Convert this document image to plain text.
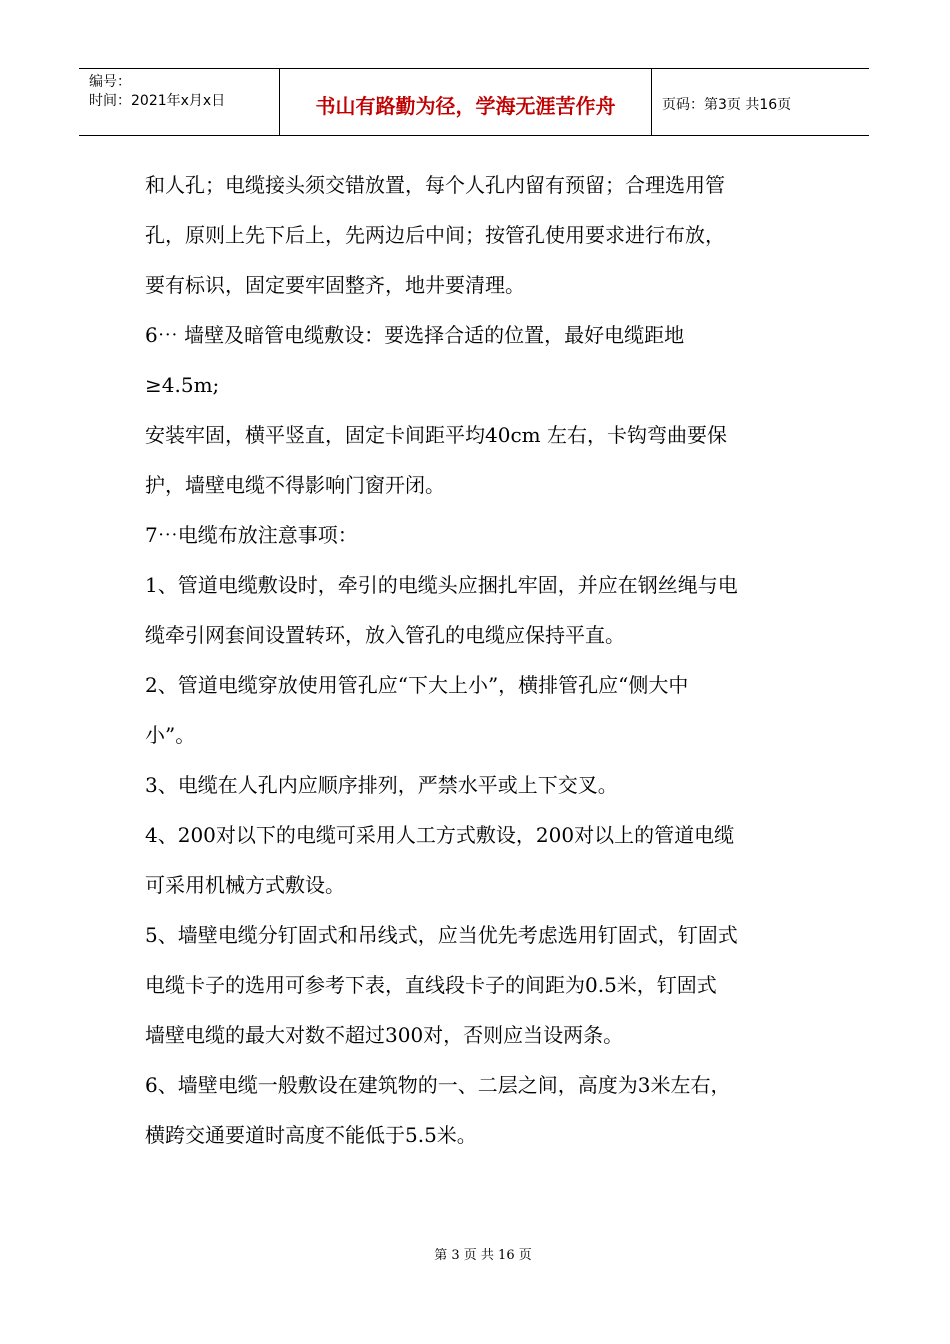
编号：
时间：2021年x月x日	书山有路勤为径，学海无涯苦作舟	页码：第3页 共16页

和人孔；电缆接头须交错放置，每个人孔内留有预留；合理选用管

孔，原则上先下后上，先两边后中间；按管孔使用要求进行布放，

要有标识，固定要牢固整齐，地井要清理。

6⋯ 墙壁及暗管电缆敷设：要选择合适的位置，最好电缆距地

≥4.5m;

安装牢固，横平竖直，固定卡间距平均40cm 左右，卡钩弯曲要保

护，墙壁电缆不得影响门窗开闭。

7⋯电缆布放注意事项：

1、管道电缆敷设时，牵引的电缆头应捆扎牢固，并应在钢丝绳与电

缆牵引网套间设置转环，放入管孔的电缆应保持平直。

2、管道电缆穿放使用管孔应“下大上小”，横排管孔应“侧大中

小”。

3、电缆在人孔内应顺序排列，严禁水平或上下交叉。

4、200对以下的电缆可采用人工方式敷设，200对以上的管道电缆

可采用机械方式敷设。

5、墙壁电缆分钉固式和吊线式，应当优先考虑选用钉固式，钉固式

电缆卡子的选用可参考下表，直线段卡子的间距为0.5米，钉固式

墙壁电缆的最大对数不超过300对，否则应当设两条。

6、墙壁电缆一般敷设在建筑物的一、二层之间，高度为3米左右，

横跨交通要道时高度不能低于5.5米。

第 3 页 共 16 页
